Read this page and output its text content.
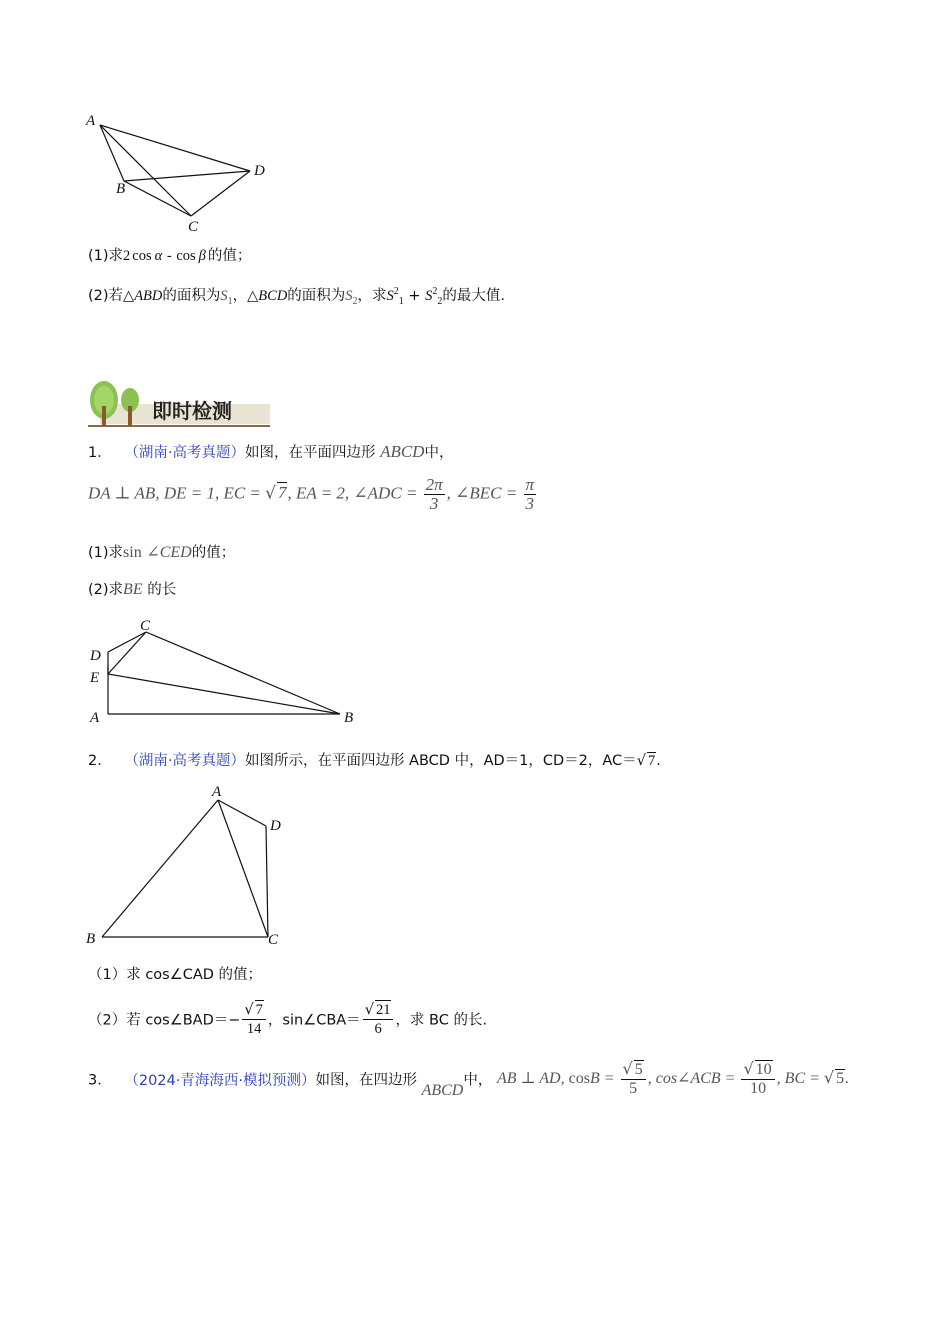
A
B
C
D
(1)求2 cos α - cos β 的值；
(2)若△ABD的面积为$S_1$，△BCD的面积为$S_2$，求$S^2_1 + S^2_2$的最大值.
即时检测
1． （湖南·高考真题）如图，在平面四边形 ABCD中，
DA ⊥ AB, DE = 1, EC = √ 7, EA = 2, ∠ADC = $\frac{2\pi}{3}$ , ∠BEC = $\frac{\pi}{3}$
(1)求sin ∠CED的值；
(2)求BE 的长
C
D
E
A	B
2． （湖南·高考真题）如图所示，在平面四边形 ABCD 中，AD＝1，CD＝2，AC＝√ 7.
A
D
B	C
（1）求 cos∠CAD 的值；
（2）若 cos∠BAD＝− $\frac{√ 7}{14}$ ，sin∠CBA＝ $\frac{√ 21}{6}$ ，求 BC 的长.
3． （2024·青海海西·模拟预测）如图，在四边形 ABCD中， AB ⊥ AD, $\cos B = \frac{√ 5}{5}$ , cos∠ACB = $\frac{√ 10}{10}$ , BC = √ 5.
